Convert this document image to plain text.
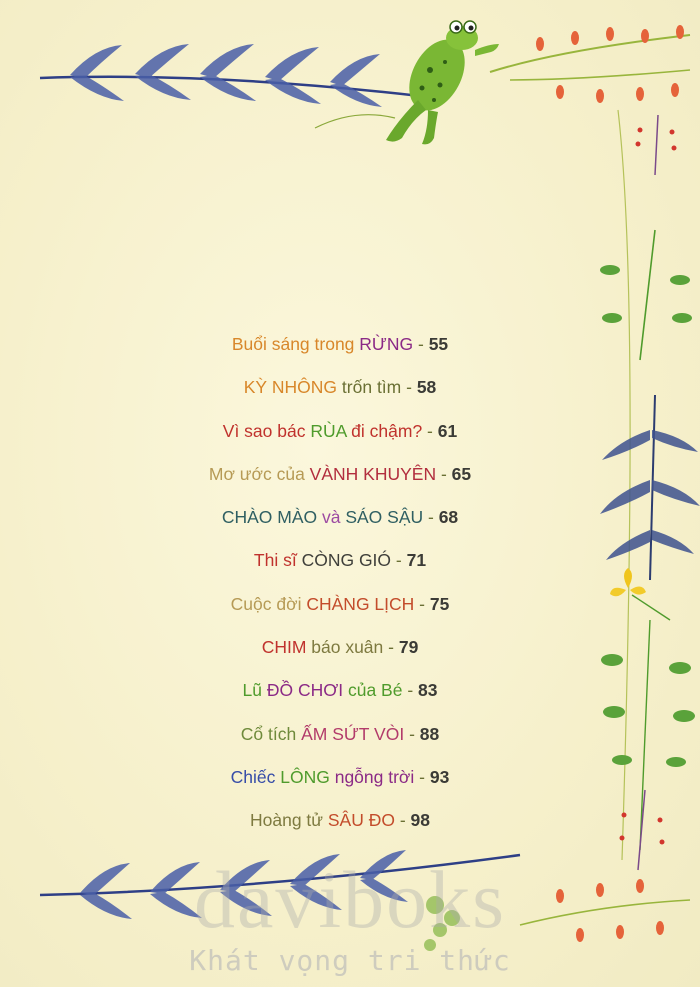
Buổi sáng trong RỪNG - 55
KỲ NHÔNG trốn tìm - 58
Vì sao bác RÙA đi chậm? - 61
Mơ ước của VÀNH KHUYÊN - 65
CHÀO MÀO và SÁO SẬU - 68
Thi sĩ CÒNG GIÓ - 71
Cuộc đời CHÀNG LỊCH - 75
CHIM báo xuân - 79
Lũ ĐỒ CHƠI của Bé - 83
Cổ tích ẤM SỨT VÒI - 88
Chiếc LÔNG ngỗng trời - 93
Hoàng tử SÂU ĐO - 98
daviboks
Khát vọng tri thức
